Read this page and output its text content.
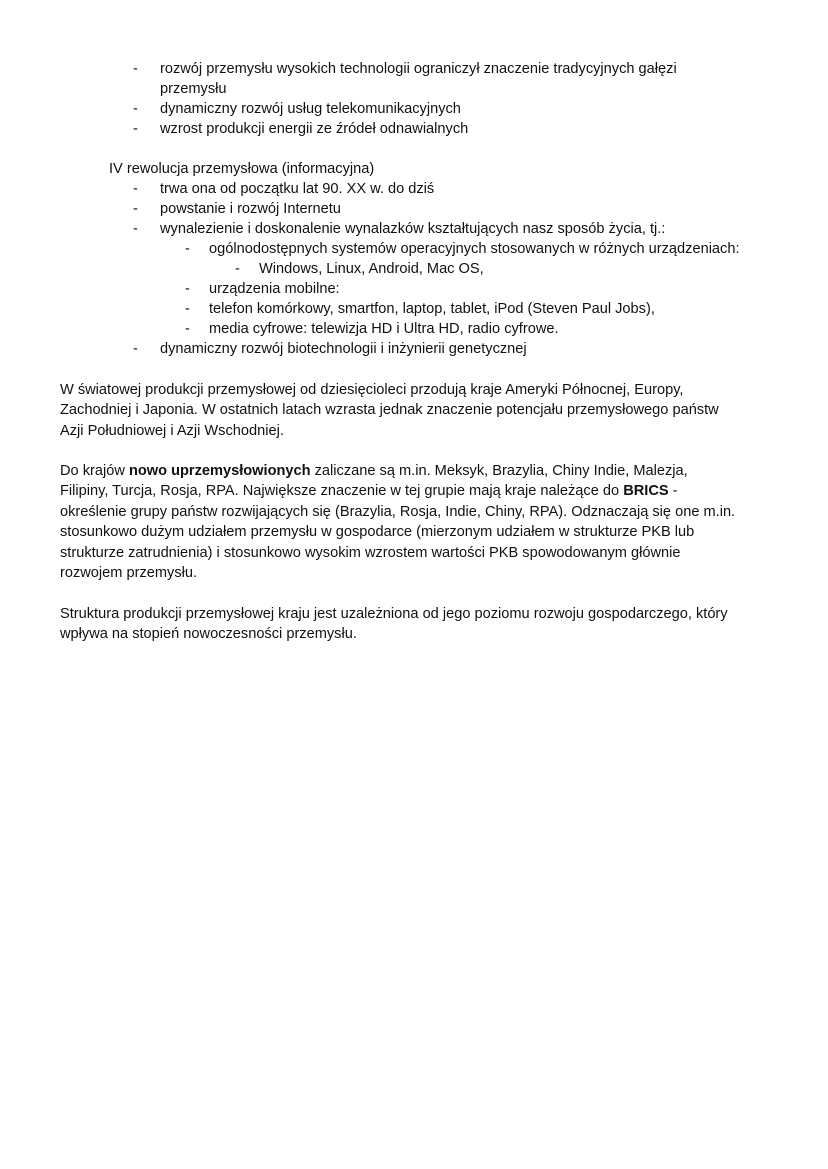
- rozwój przemysłu wysokich technologii ograniczył znaczenie tradycyjnych gałęzi
przemysłu
- dynamiczny rozwój usług telekomunikacyjnych
- wzrost produkcji energii ze źródeł odnawialnych
IV rewolucja przemysłowa (informacyjna)
- trwa ona od początku lat 90. XX w. do dziś
- powstanie i rozwój Internetu
- wynalezienie i doskonalenie wynalazków kształtujących nasz sposób życia, tj.:
- ogólnodostępnych systemów operacyjnych stosowanych w różnych urządzeniach:
- Windows, Linux, Android, Mac OS,
- urządzenia mobilne:
- telefon komórkowy, smartfon, laptop, tablet, iPod (Steven Paul Jobs),
- media cyfrowe: telewizja HD i Ultra HD, radio cyfrowe.
- dynamiczny rozwój biotechnologii i inżynierii genetycznej
W światowej produkcji przemysłowej od dziesięcioleci przodują kraje Ameryki Północnej, Europy,
Zachodniej i Japonia. W ostatnich latach wzrasta jednak znaczenie potencjału przemysłowego państw
Azji Południowej i Azji Wschodniej.
Do krajów nowo uprzemysłowionych zaliczane są m.in. Meksyk, Brazylia, Chiny Indie, Malezja,
Filipiny, Turcja, Rosja, RPA. Największe znaczenie w tej grupie mają kraje należące do BRICS -
określenie grupy państw rozwijających się (Brazylia, Rosja, Indie, Chiny, RPA). Odznaczają się one m.in.
stosunkowo dużym udziałem przemysłu w gospodarce (mierzonym udziałem w strukturze PKB lub
strukturze zatrudnienia) i stosunkowo wysokim wzrostem wartości PKB spowodowanym głównie
rozwojem przemysłu.
Struktura produkcji przemysłowej kraju jest uzależniona od jego poziomu rozwoju gospodarczego, który
wpływa na stopień nowoczesności przemysłu.
